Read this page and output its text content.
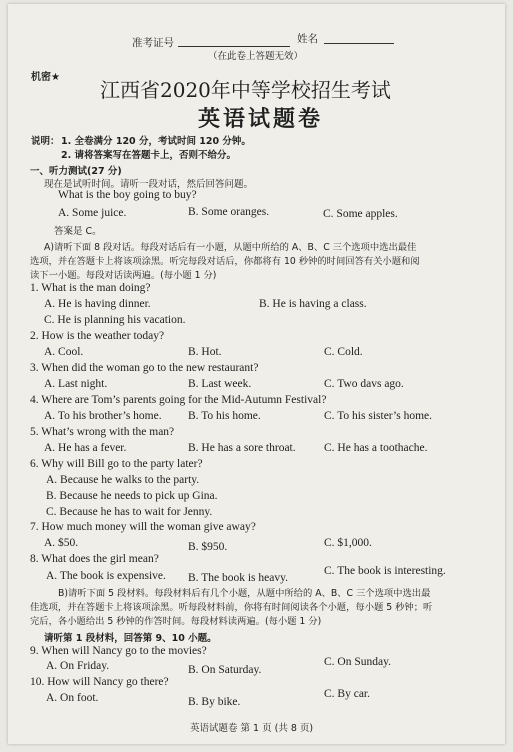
准考证号	姓名
（在此卷上答题无效）
机密★
江西省2020年中等学校招生考试
英语试题卷
说明： 1. 全卷满分 120 分，考试时间 120 分钟。
2. 请将答案写在答题卡上，否则不给分。
一、听力测试(27 分)
现在是试听时间。请听一段对话，然后回答问题。
What is the boy going to buy?
A. Some juice.	B. Some oranges.	C. Some apples.
答案是 C。
A)请听下面 8 段对话。每段对话后有一小题，从题中所给的 A、B、C 三个选项中选出最佳
选项，并在答题卡上将该项涂黑。听完每段对话后，你都将有 10 秒钟的时间回答有关小题和阅
读下一小题。每段对话读两遍。(每小题 1 分)
1. What is the man doing?
A. He is having dinner.	B. He is having a class.
C. He is planning his vacation.
2. How is the weather today?
A. Cool.	B. Hot.	C. Cold.
3. When did the woman go to the new restaurant?
A. Last night.	B. Last week.	C. Two davs ago.
4. Where are Tom’s parents going for the Mid-Autumn Festival?
A. To his brother’s home. B. To his home.	C. To his sister’s home.
5. What’s wrong with the man?
A. He has a fever.	B. He has a sore throat. C. He has a toothache.
6. Why will Bill go to the party later?
A. Because he walks to the party.
B. Because he needs to pick up Gina.
C. Because he has to wait for Jenny.
7. How much money will the woman give away?
A. $50.	B. $950.	C. $1,000.
8. What does the girl mean?
A. The book is expensive. B. The book is heavy.
C. The book is interesting.
B)请听下面 5 段材料。每段材料后有几个小题，从题中所给的 A、B、C 三个选项中选出最
佳选项，并在答题卡上将该项涂黑。听每段材料前，你将有时间阅读各个小题，每小题 5 秒钟；听
完后，各小题给出 5 秒钟的作答时间。每段材料读两遍。(每小题 1 分)
请听第 1 段材料，回答第 9、10 小题。
9. When will Nancy go to the movies?
A. On Friday.	B. On Saturday.
C. On Sunday.
10. How will Nancy go there?
A. On foot.	B. By bike.
C. By car.
英语试题卷 第 1 页 (共 8 页)
